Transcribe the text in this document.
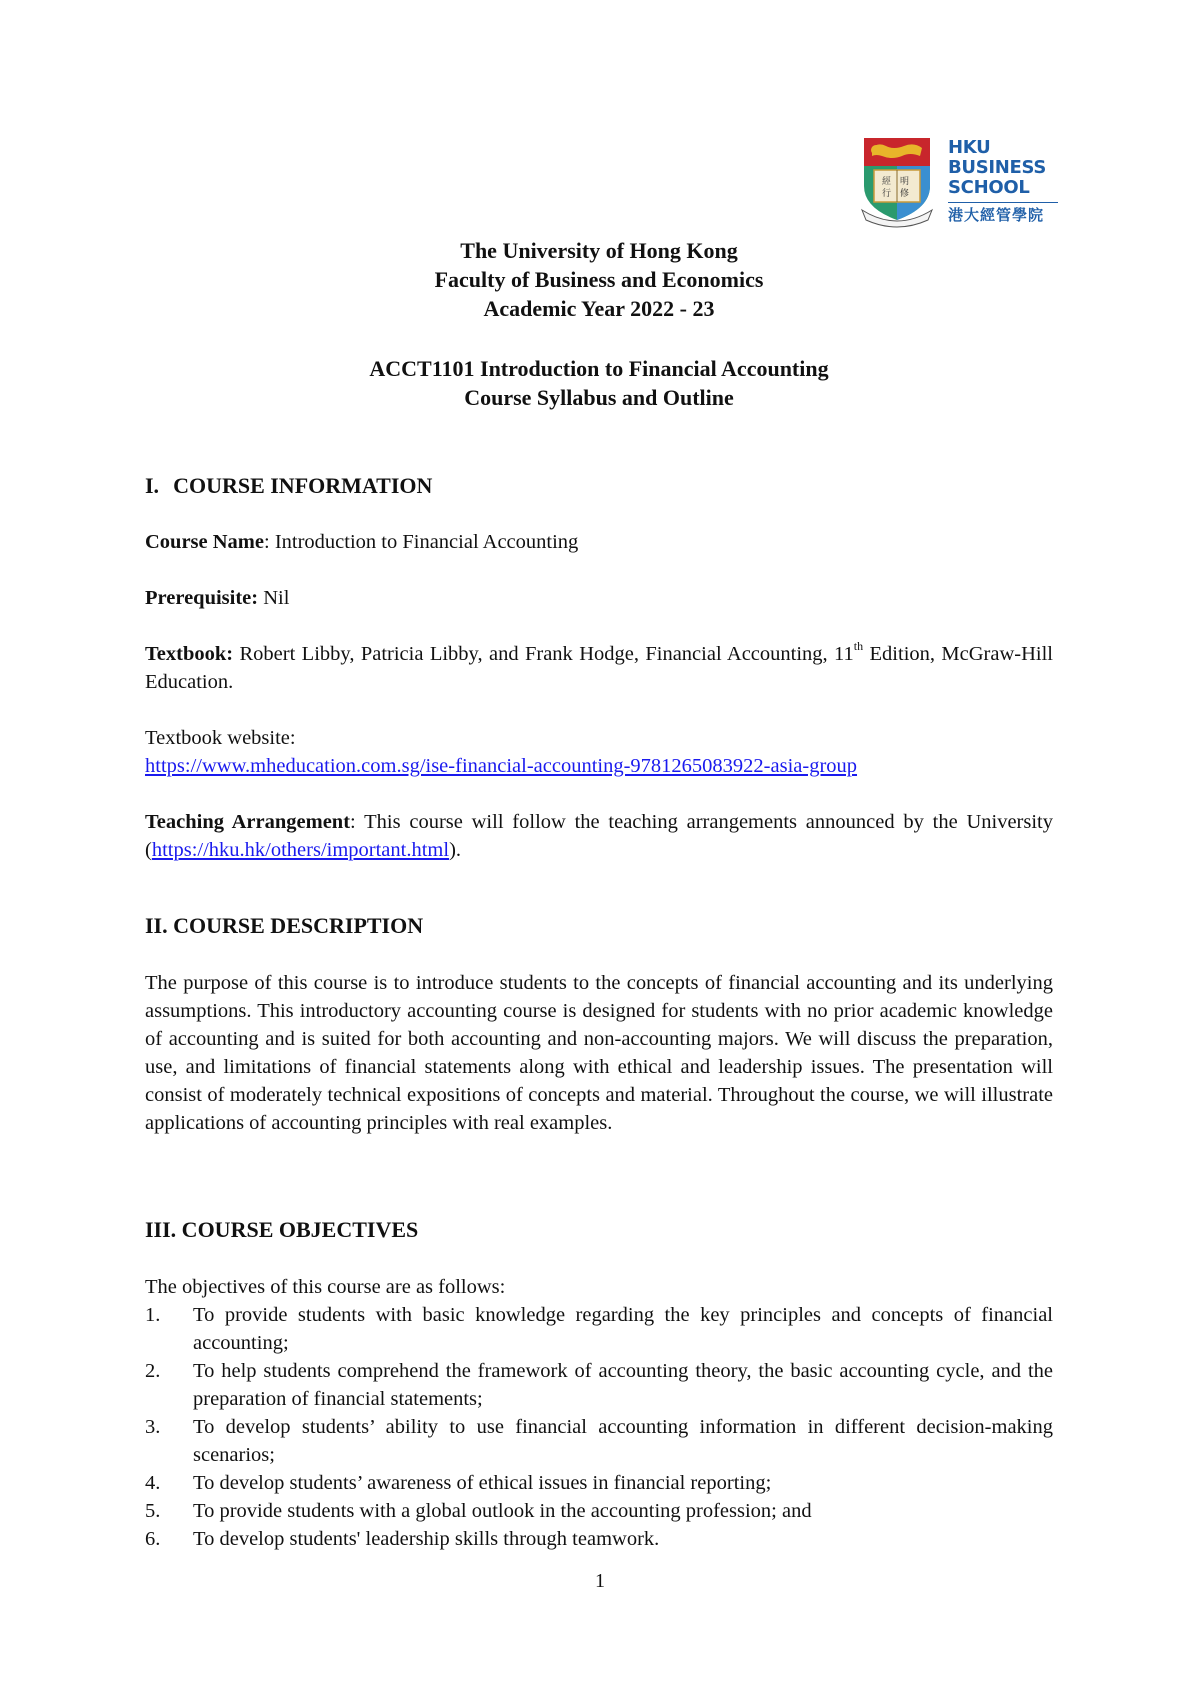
經 明
行 修
HKU
BUSINESS
SCHOOL
港大經管學院
The University of Hong Kong
Faculty of Business and Economics
Academic Year 2022 - 23
ACCT1101 Introduction to Financial Accounting
Course Syllabus and Outline
I. COURSE INFORMATION
Course Name: Introduction to Financial Accounting
Prerequisite: Nil
Textbook: Robert Libby, Patricia Libby, and Frank Hodge, Financial Accounting, 11th Edition, McGraw-Hill Education.
Textbook website:
https://www.mheducation.com.sg/ise-financial-accounting-9781265083922-asia-group
Teaching Arrangement: This course will follow the teaching arrangements announced by the University (https://hku.hk/others/important.html).
II. COURSE DESCRIPTION
The purpose of this course is to introduce students to the concepts of financial accounting and its underlying assumptions. This introductory accounting course is designed for students with no prior academic knowledge of accounting and is suited for both accounting and non-accounting majors. We will discuss the preparation, use, and limitations of financial statements along with ethical and leadership issues. The presentation will consist of moderately technical expositions of concepts and material. Throughout the course, we will illustrate applications of accounting principles with real examples.
III. COURSE OBJECTIVES
The objectives of this course are as follows:
1.	To provide students with basic knowledge regarding the key principles and concepts of financial accounting;
2.	To help students comprehend the framework of accounting theory, the basic accounting cycle, and the preparation of financial statements;
3.	To develop students’ ability to use financial accounting information in different decision-making scenarios;
4.	To develop students’ awareness of ethical issues in financial reporting;
5.	To provide students with a global outlook in the accounting profession; and
6.	To develop students' leadership skills through teamwork.
1
